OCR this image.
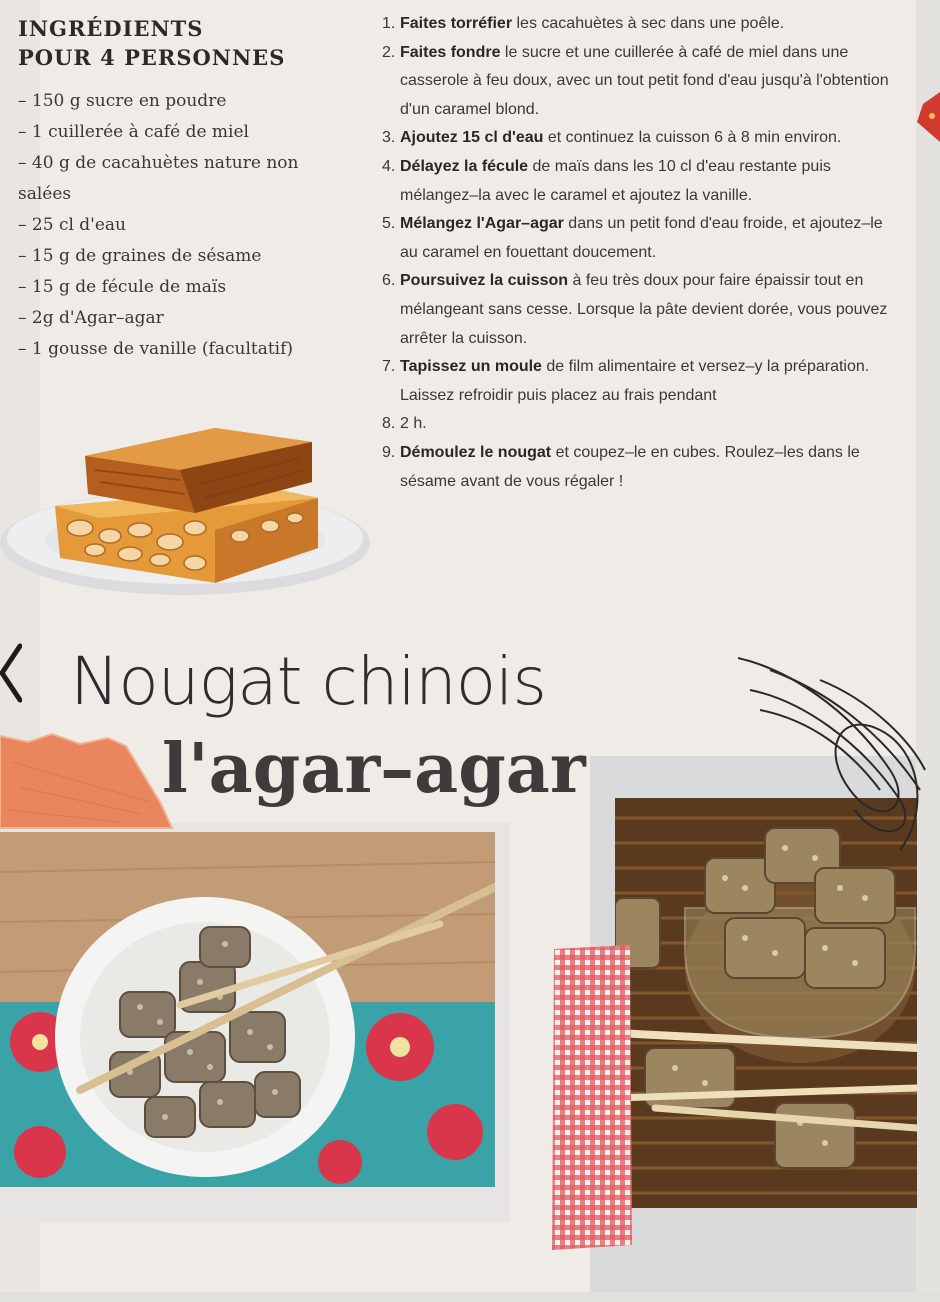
INGRÉDIENTS
POUR 4 PERSONNES
– 150 g sucre en poudre
– 1 cuillerée à café de miel
– 40 g de cacahuètes nature non salées
– 25 cl d'eau
– 15 g de graines de sésame
– 15 g de fécule de maïs
– 2g d'Agar–agar
– 1 gousse de vanille (facultatif)
1. Faites torréfier les cacahuètes à sec dans une poêle.
2. Faites fondre le sucre et une cuillerée à café de miel dans une casserole à feu doux, avec un tout petit fond d'eau jusqu'à l'obtention d'un caramel blond.
3. Ajoutez 15 cl d'eau et continuez la cuisson 6 à 8 min environ.
4. Délayez la fécule de maïs dans les 10 cl d'eau restante puis mélangez–la avec le caramel et ajoutez la vanille.
5. Mélangez l'Agar–agar dans un petit fond d'eau froide, et ajoutez–le au caramel en fouettant doucement.
6. Poursuivez la cuisson à feu très doux pour faire épaissir tout en mélangeant sans cesse. Lorsque la pâte devient dorée, vous pouvez arrêter la cuisson.
7. Tapissez un moule de film alimentaire et versez–y la préparation. Laissez refroidir puis placez au frais pendant
8. 2 h.
9. Démoulez le nougat et coupez–le en cubes. Roulez–les dans le sésame avant de vous régaler !
Nougat chinois
l'agar–agar
